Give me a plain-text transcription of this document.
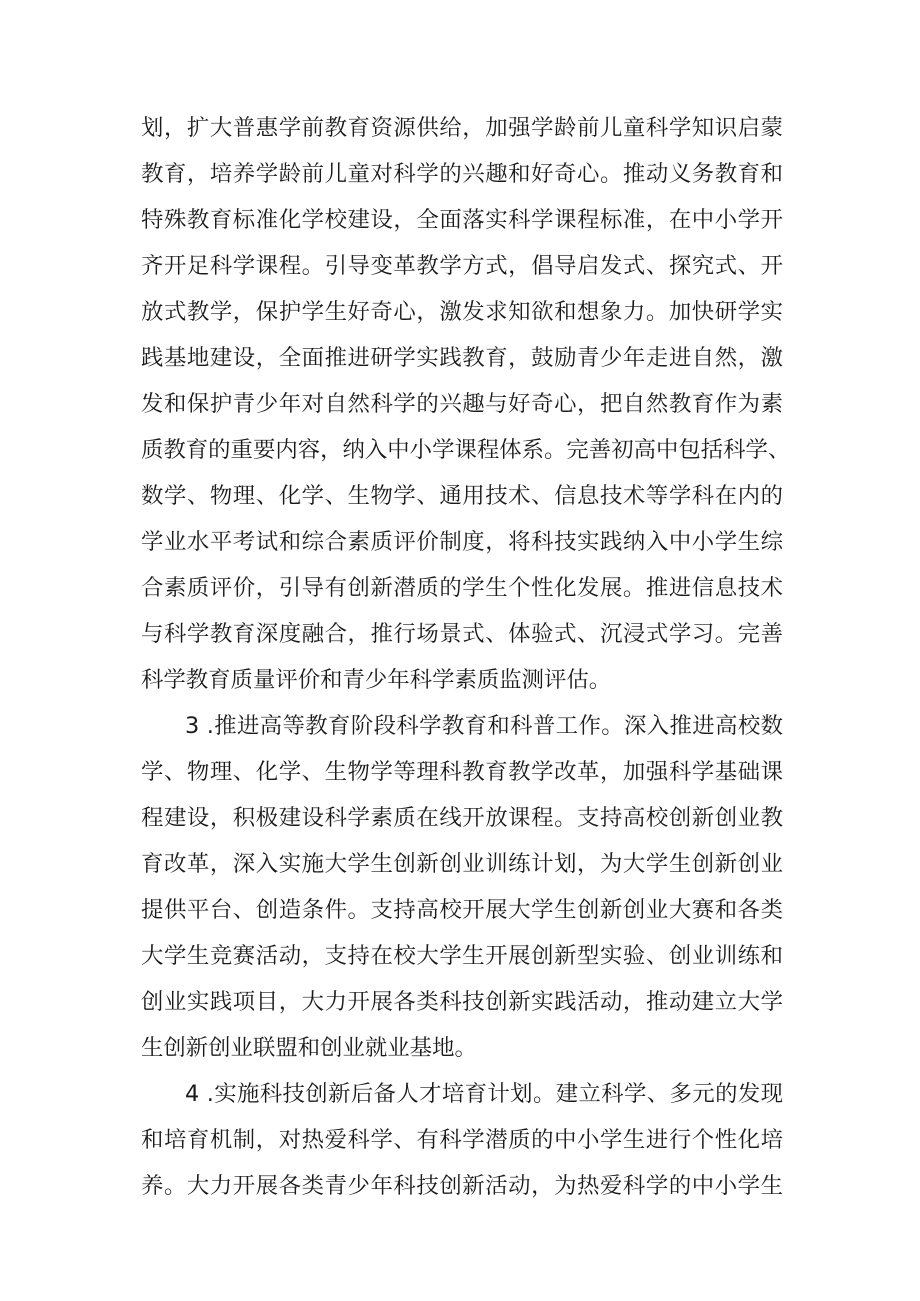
划，扩大普惠学前教育资源供给，加强学龄前儿童科学知识启蒙
教育，培养学龄前儿童对科学的兴趣和好奇心。推动义务教育和
特殊教育标准化学校建设，全面落实科学课程标准，在中小学开
齐开足科学课程。引导变革教学方式，倡导启发式、探究式、开
放式教学，保护学生好奇心，激发求知欲和想象力。加快研学实
践基地建设，全面推进研学实践教育，鼓励青少年走进自然，激
发和保护青少年对自然科学的兴趣与好奇心，把自然教育作为素
质教育的重要内容，纳入中小学课程体系。完善初高中包括科学、
数学、物理、化学、生物学、通用技术、信息技术等学科在内的
学业水平考试和综合素质评价制度，将科技实践纳入中小学生综
合素质评价，引导有创新潜质的学生个性化发展。推进信息技术
与科学教育深度融合，推行场景式、体验式、沉浸式学习。完善
科学教育质量评价和青少年科学素质监测评估。
3 .推进高等教育阶段科学教育和科普工作。深入推进高校数
学、物理、化学、生物学等理科教育教学改革，加强科学基础课
程建设，积极建设科学素质在线开放课程。支持高校创新创业教
育改革，深入实施大学生创新创业训练计划，为大学生创新创业
提供平台、创造条件。支持高校开展大学生创新创业大赛和各类
大学生竞赛活动，支持在校大学生开展创新型实验、创业训练和
创业实践项目，大力开展各类科技创新实践活动，推动建立大学
生创新创业联盟和创业就业基地。
4 .实施科技创新后备人才培育计划。建立科学、多元的发现
和培育机制，对热爱科学、有科学潜质的中小学生进行个性化培
养。大力开展各类青少年科技创新活动，为热爱科学的中小学生
